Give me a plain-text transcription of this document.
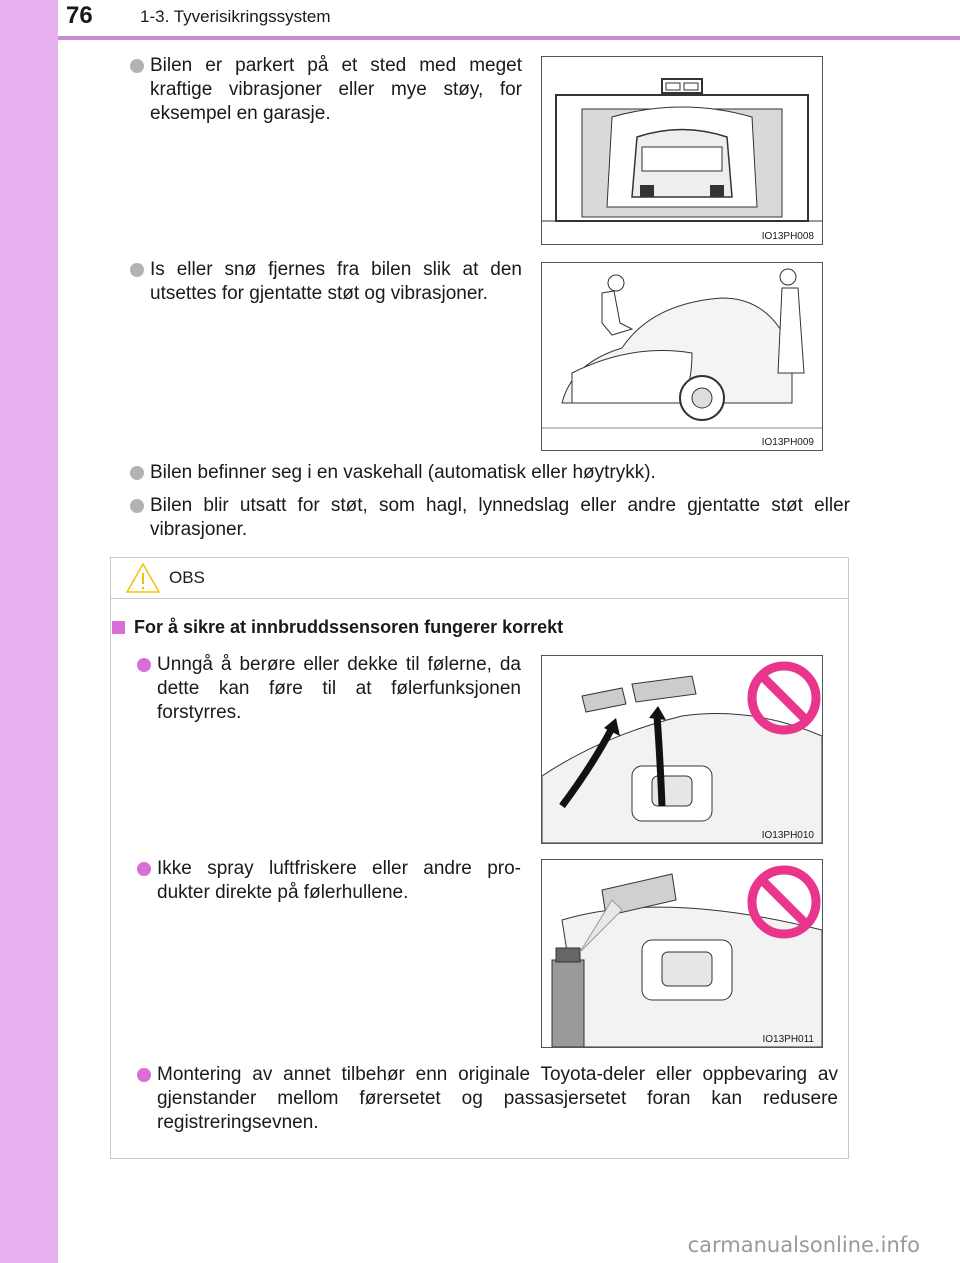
76	1-3. Tyverisikringssystem
Bilen er parkert på et sted med meget kraftige vibrasjoner eller mye støy, for eksempel en garasje.
IO13PH008
Is eller snø fjernes fra bilen slik at den utsettes for gjentatte støt og vibrasjoner.
IO13PH009
Bilen befinner seg i en vaskehall (automatisk eller høytrykk).
Bilen blir utsatt for støt, som hagl, lynnedslag eller andre gjentatte støt eller vibrasjoner.
OBS
For å sikre at innbruddssensoren fungerer korrekt
Unngå å berøre eller dekke til følerne, da dette kan føre til at følerfunksjonen forstyrres.
IO13PH010
Ikke spray luftfriskere eller andre pro-dukter direkte på følerhullene.
IO13PH011
Montering av annet tilbehør enn originale Toyota-deler eller oppbevaring av gjenstander mellom førersetet og passasjersetet foran kan redusere registreringsevnen.
carmanualsonline.info
